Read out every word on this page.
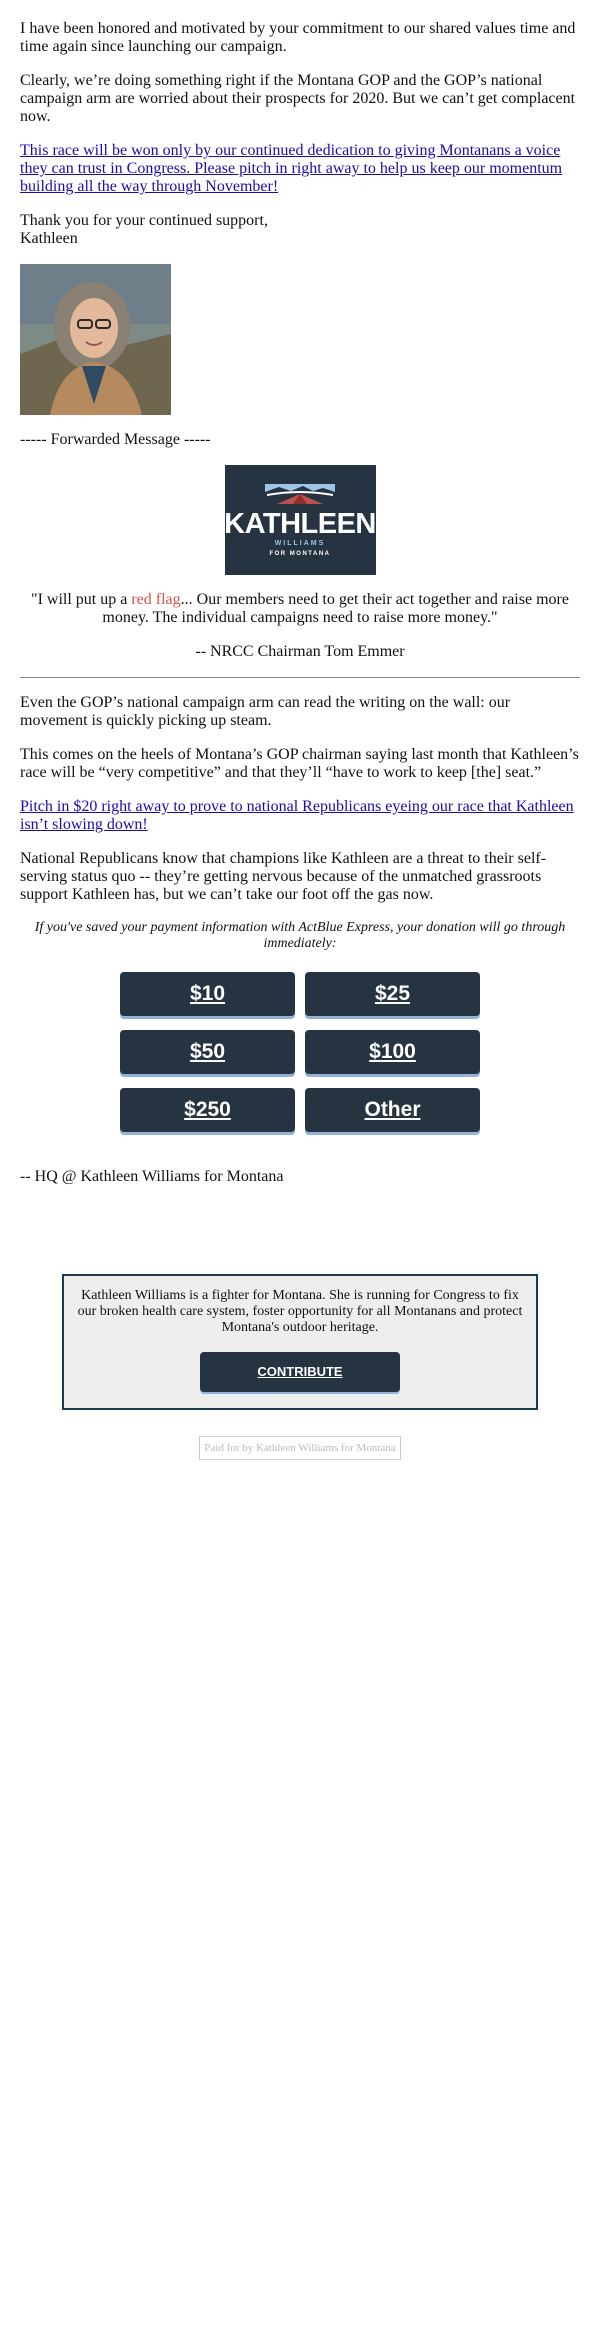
I have been honored and motivated by your commitment to our shared values time and time again since launching our campaign.

Clearly, we’re doing something right if the Montana GOP and the GOP’s national campaign arm are worried about their prospects for 2020. But we can’t get complacent now.

This race will be won only by our continued dedication to giving Montanans a voice they can trust in Congress. Please pitch in right away to help us keep our momentum building all the way through November!

Thank you for your continued support,
Kathleen

----- Forwarded Message -----

KATHLEEN
WILLIAMS
FOR MONTANA

"I will put up a red flag... Our members need to get their act together and raise more money. The individual campaigns need to raise more money."

-- NRCC Chairman Tom Emmer

Even the GOP’s national campaign arm can read the writing on the wall: our movement is quickly picking up steam.

This comes on the heels of Montana’s GOP chairman saying last month that Kathleen’s race will be “very competitive” and that they’ll “have to work to keep [the] seat.”

Pitch in $20 right away to prove to national Republicans eyeing our race that Kathleen isn’t slowing down!

National Republicans know that champions like Kathleen are a threat to their self-serving status quo -- they’re getting nervous because of the unmatched grassroots support Kathleen has, but we can’t take our foot off the gas now.

If you've saved your payment information with ActBlue Express, your donation will go through immediately:

$10	$25
$50	$100
$250	Other

-- HQ @ Kathleen Williams for Montana

Kathleen Williams is a fighter for Montana. She is running for Congress to fix our broken health care system, foster opportunity for all Montanans and protect Montana's outdoor heritage.
CONTRIBUTE
Paid for by Kathleen Williams for Montana
